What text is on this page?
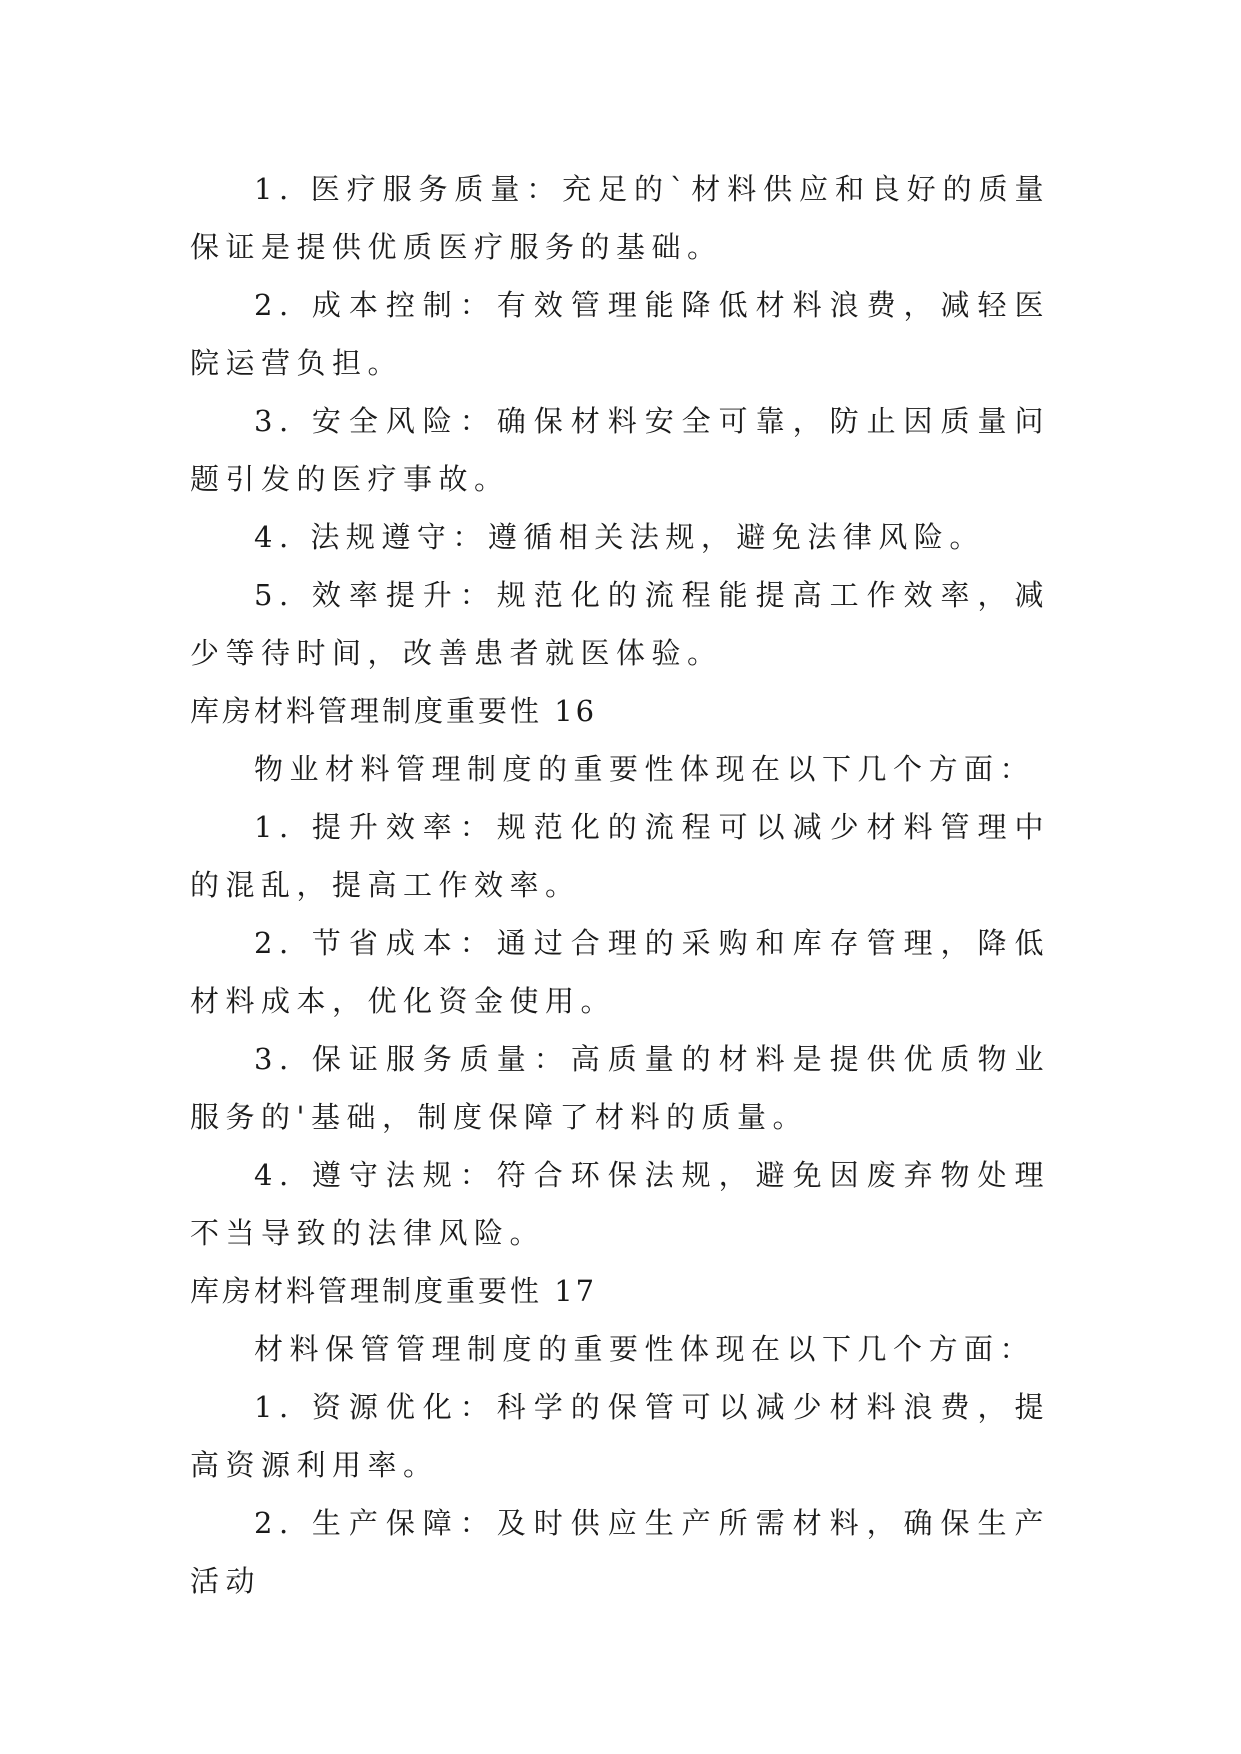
1. 医疗服务质量：充足的`材料供应和良好的质量保证是提供优质医疗服务的基础。

2. 成本控制：有效管理能降低材料浪费，减轻医院运营负担。

3. 安全风险：确保材料安全可靠，防止因质量问题引发的医疗事故。

4. 法规遵守：遵循相关法规，避免法律风险。

5. 效率提升：规范化的流程能提高工作效率，减少等待时间，改善患者就医体验。

库房材料管理制度重要性 16

物业材料管理制度的重要性体现在以下几个方面：

1. 提升效率：规范化的流程可以减少材料管理中的混乱，提高工作效率。

2. 节省成本：通过合理的采购和库存管理，降低材料成本，优化资金使用。

3. 保证服务质量：高质量的材料是提供优质物业服务的'基础，制度保障了材料的质量。

4. 遵守法规：符合环保法规，避免因废弃物处理不当导致的法律风险。

库房材料管理制度重要性 17

材料保管管理制度的重要性体现在以下几个方面：

1. 资源优化：科学的保管可以减少材料浪费，提高资源利用率。

2. 生产保障：及时供应生产所需材料，确保生产活动
